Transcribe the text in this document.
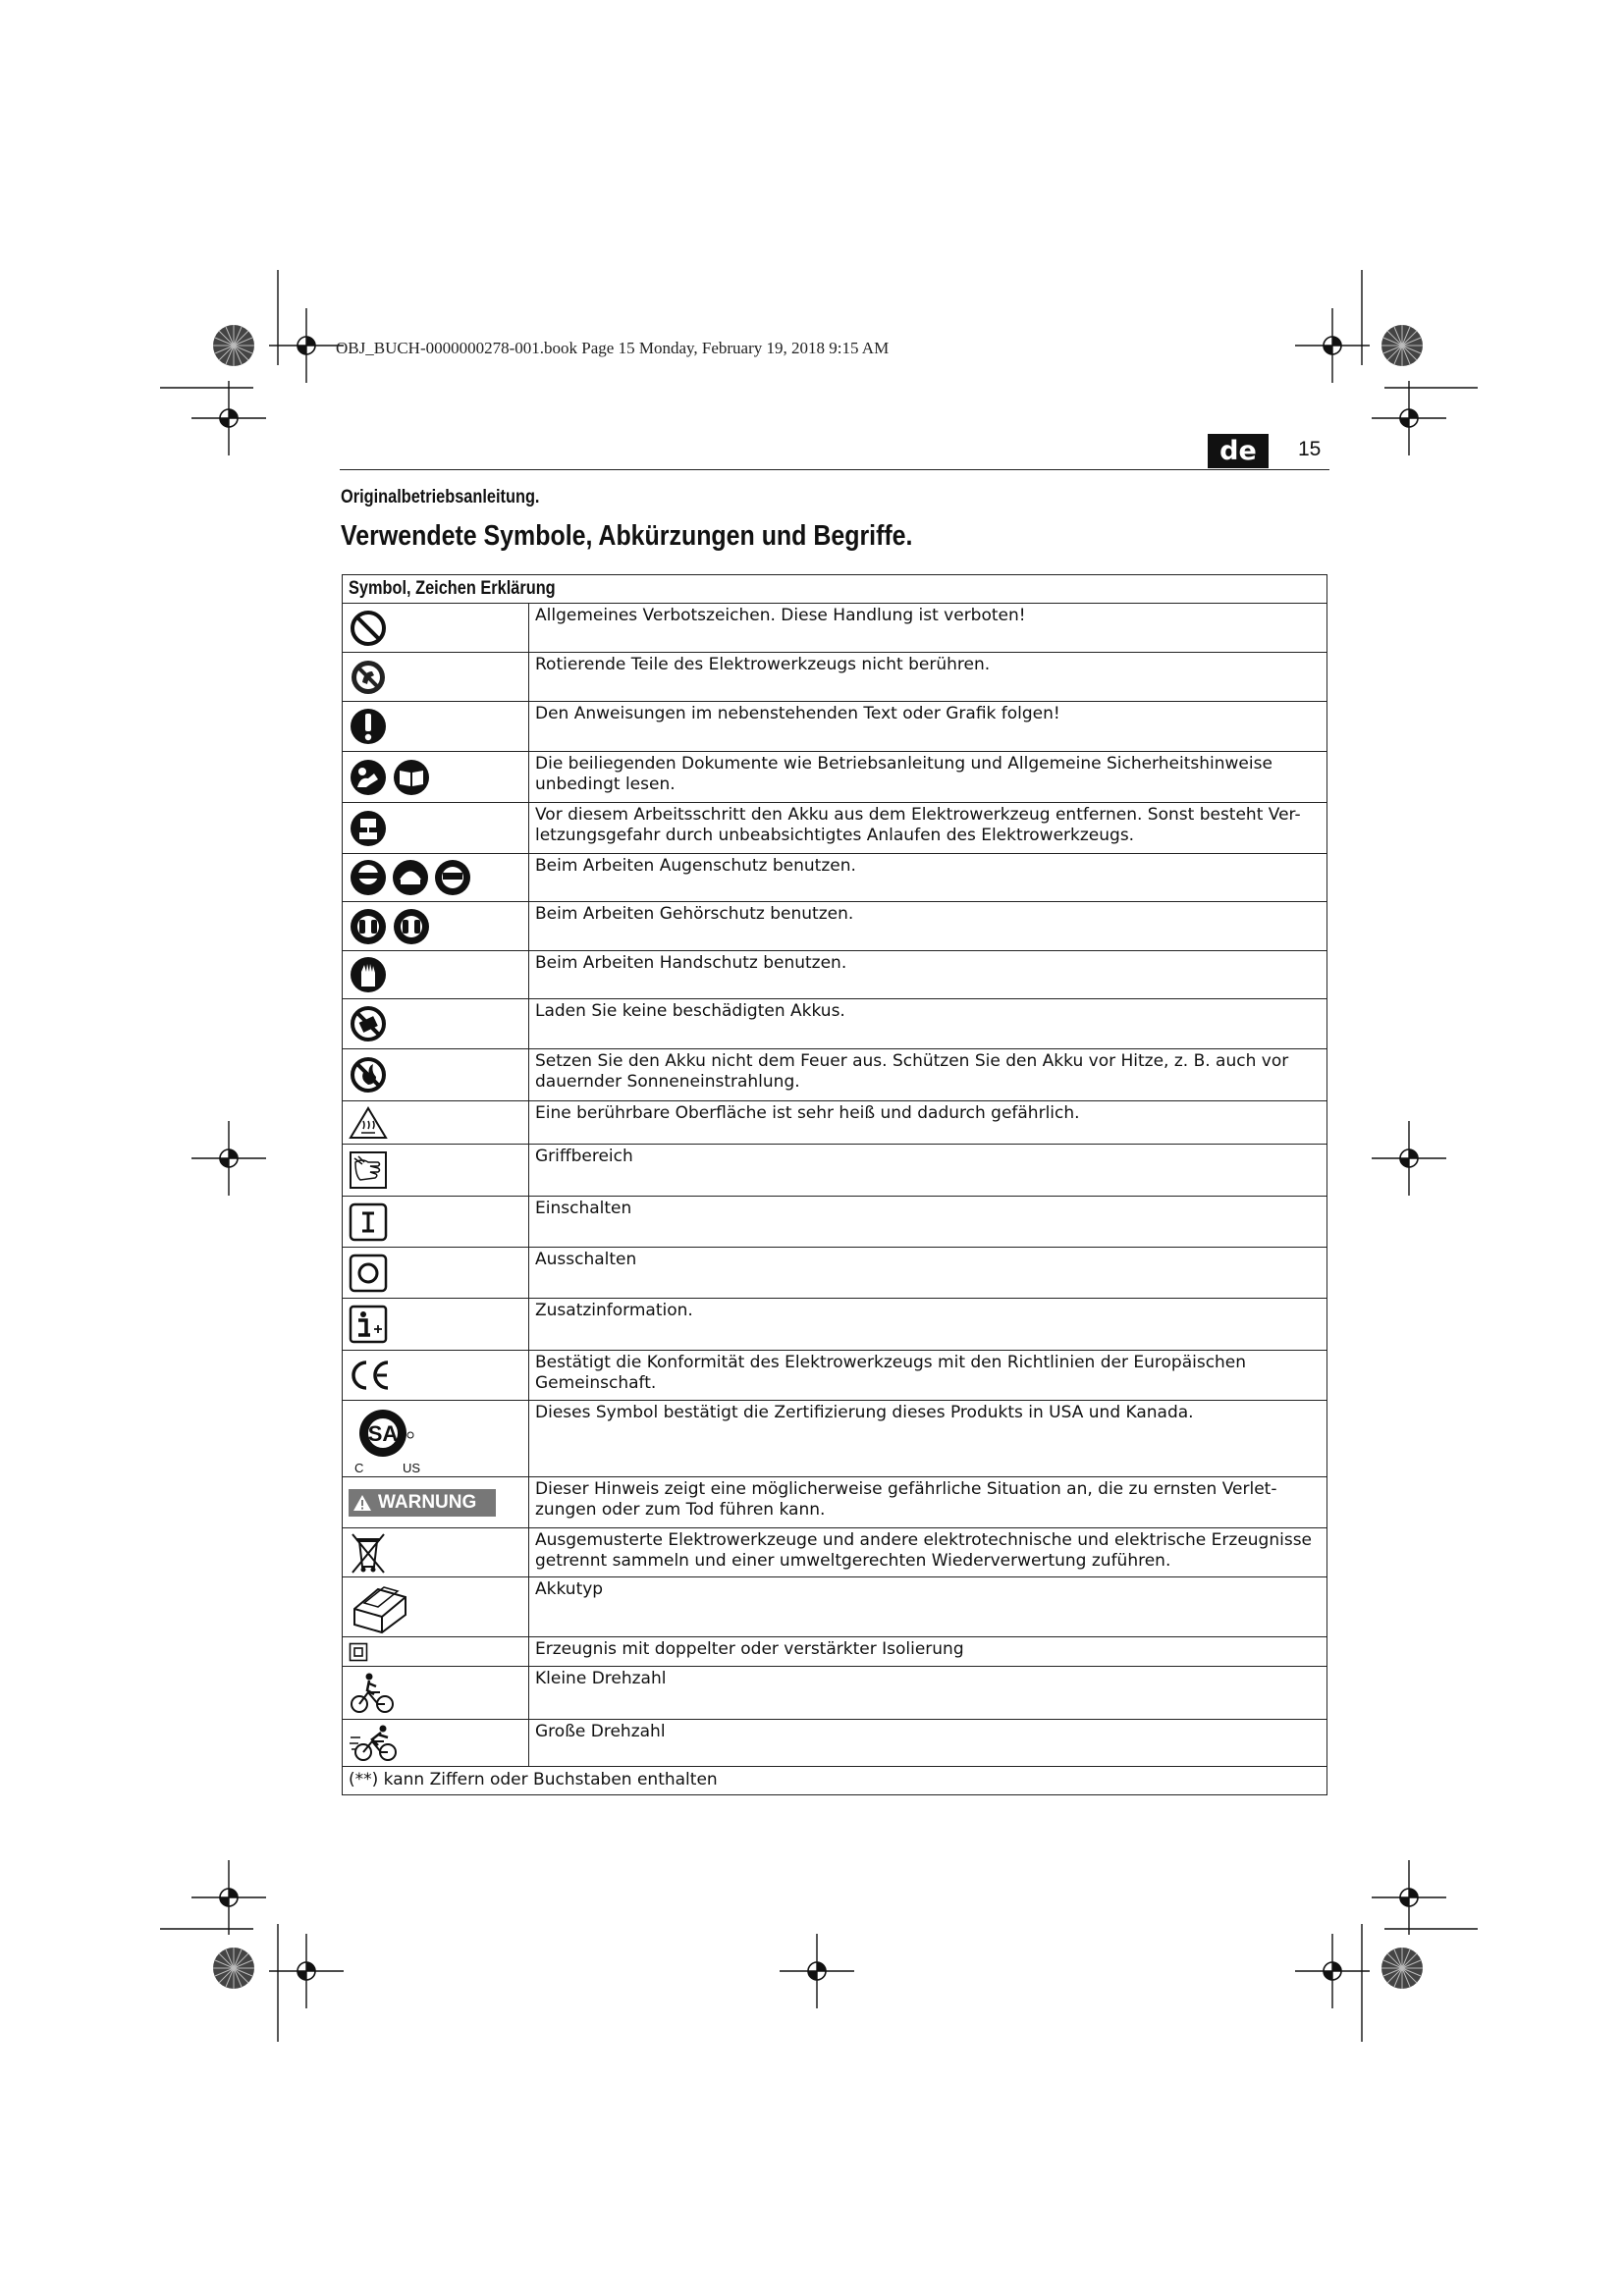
OBJ_BUCH-0000000278-001.book Page 15 Monday, February 19, 2018 9:15 AM
de	15
Originalbetriebsanleitung.
Verwendete Symbole, Abkürzungen und Begriffe.
Symbol, Zeichen Erklärung
Allgemeines Verbotszeichen. Diese Handlung ist verboten!
Rotierende Teile des Elektrowerkzeugs nicht berühren.
Den Anweisungen im nebenstehenden Text oder Grafik folgen!
Die beiliegenden Dokumente wie Betriebsanleitung und Allgemeine Sicherheitshinweise unbedingt lesen.
Vor diesem Arbeitsschritt den Akku aus dem Elektrowerkzeug entfernen. Sonst besteht Ver-letzungsgefahr durch unbeabsichtigtes Anlaufen des Elektrowerkzeugs.
Beim Arbeiten Augenschutz benutzen.
Beim Arbeiten Gehörschutz benutzen.
Beim Arbeiten Handschutz benutzen.
Laden Sie keine beschädigten Akkus.
Setzen Sie den Akku nicht dem Feuer aus. Schützen Sie den Akku vor Hitze, z. B. auch vor dauernder Sonneneinstrahlung.
Eine berührbare Oberfläche ist sehr heiß und dadurch gefährlich.
Griffbereich
Einschalten
Ausschalten
Zusatzinformation.
Bestätigt die Konformität des Elektrowerkzeugs mit den Richtlinien der Europäischen Gemeinschaft.
SA
C	US
Dieses Symbol bestätigt die Zertifizierung dieses Produkts in USA und Kanada.
WARNUNG
Dieser Hinweis zeigt eine möglicherweise gefährliche Situation an, die zu ernsten Verlet-zungen oder zum Tod führen kann.
Ausgemusterte Elektrowerkzeuge und andere elektrotechnische und elektrische Erzeugnisse getrennt sammeln und einer umweltgerechten Wiederverwertung zuführen.
Akkutyp
Erzeugnis mit doppelter oder verstärkter Isolierung
Kleine Drehzahl
Große Drehzahl
(**) kann Ziffern oder Buchstaben enthalten
